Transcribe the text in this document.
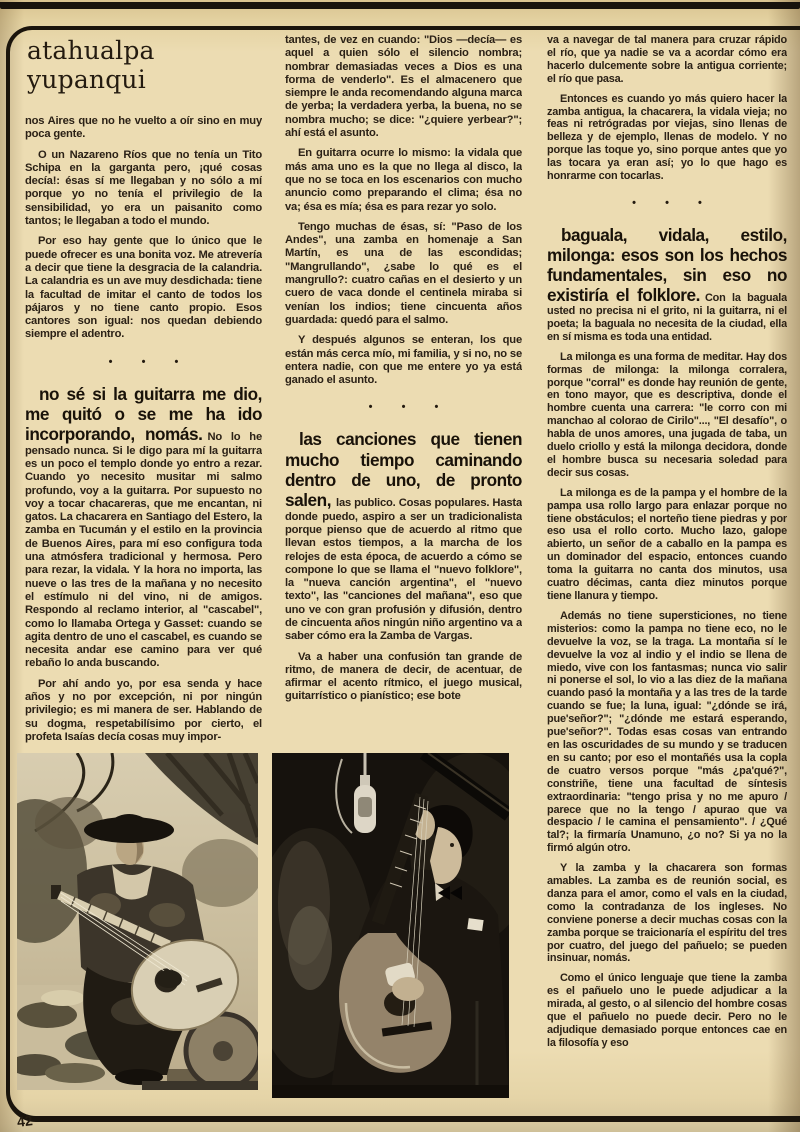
atahualpa yupanqui

nos Aires que no he vuelto a oír sino en muy poca gente.

O un Nazareno Ríos que no tenía un Tito Schipa en la garganta pero, ¡qué cosas decía!: ésas sí me llegaban y no sólo a mí porque yo no tenía el privilegio de la sensibilidad, yo era un paisanito como tantos; le llegaban a todo el mundo.

Por eso hay gente que lo único que le puede ofrecer es una bonita voz. Me atrevería a decir que tiene la desgracia de la calandria. La calandria es un ave muy desdichada: tiene la facultad de imitar el canto de todos los pájaros y no tiene canto propio. Esos cantores son igual: nos quedan debiendo siempre el adentro.

• • •

no sé si la guitarra me dio, me quitó o se me ha ido incorporando, nomás. No lo he pensado nunca. Si le digo para mí la guitarra es un poco el templo donde yo entro a rezar. Cuando yo necesito musitar mi salmo profundo, voy a la guitarra. Por supuesto no voy a tocar chacareras, que me encantan, ni gatos. La chacarera en Santiago del Estero, la zamba en Tucumán y el estilo en la provincia de Buenos Aires, para mí eso configura toda una atmósfera tradicional y hermosa. Pero para rezar, la vidala. Y la hora no importa, las nueve o las tres de la mañana y no necesito el estímulo ni del vino, ni de amigos. Respondo al reclamo interior, al "cascabel", como lo llamaba Ortega y Gasset: cuando se agita dentro de uno el cascabel, es cuando se necesita andar ese camino para ver qué rebaño lo anda buscando.

Por ahí ando yo, por esa senda y hace años y no por excepción, ni por ningún privilegio; es mi manera de ser. Hablando de su dogma, respetabilísimo por cierto, el profeta Isaías decía cosas muy impor-

tantes, de vez en cuando: "Dios —decía— es aquel a quien sólo el silencio nombra; nombrar demasiadas veces a Dios es una forma de venderlo". Es el almacenero que siempre le anda recomendando alguna marca de yerba; la verdadera yerba, la buena, no se nombra mucho; se dice: "¿quiere yerbear?"; ahí está el asunto.

En guitarra ocurre lo mismo: la vidala que más ama uno es la que no llega al disco, la que no se toca en los escenarios con mucho anuncio como preparando el clima; ésa no va; ésa es mía; ésa es para rezar yo solo.

Tengo muchas de ésas, sí: "Paso de los Andes", una zamba en homenaje a San Martín, es una de las escondidas; "Mangrullando", ¿sabe lo qué es el mangrullo?: cuatro cañas en el desierto y un cuero de vaca donde el centinela miraba si venían los indios; tiene cincuenta años guardada: quedó para el salmo.

Y después algunos se enteran, los que están más cerca mío, mi familia, y si no, no se entera nadie, con que me entere yo ya está ganado el asunto.

• • •

las canciones que tienen mucho tiempo caminando dentro de uno, de pronto salen, las publico. Cosas populares. Hasta donde puedo, aspiro a ser un tradicionalista porque pienso que de acuerdo al ritmo que llevan estos tiempos, a la marcha de los relojes de esta época, de acuerdo a cómo se compone lo que se llama el "nuevo folklore", la "nueva canción argentina", el "nuevo texto", las "canciones del mañana", eso que uno ve con gran profusión y difusión, dentro de cincuenta años ningún niño argentino va a saber cómo era la Zamba de Vargas.

Va a haber una confusión tan grande de ritmo, de manera de decir, de acentuar, de afirmar el acento rítmico, el juego musical, guitarrístico o pianístico; ese bote

va a navegar de tal manera para cruzar rápido el río, que ya nadie se va a acordar cómo era hacerlo dulcemente sobre la antigua corriente; el río que pasa.

Entonces es cuando yo más quiero hacer la zamba antigua, la chacarera, la vidala vieja; no feas ni retrógradas por viejas, sino llenas de belleza y de ejemplo, llenas de modelo. Y no porque las toque yo, sino porque antes que yo las tocara ya eran así; yo lo que hago es honrarme con tocarlas.

• • •

baguala, vidala, estilo, milonga: esos son los hechos fundamentales, sin eso no existiría el folklore. Con la baguala usted no precisa ni el grito, ni la guitarra, ni el poeta; la baguala no necesita de la ciudad, ella en sí misma es toda una entidad.

La milonga es una forma de meditar. Hay dos formas de milonga: la milonga corralera, porque "corral" es donde hay reunión de gente, en tono mayor, que es descriptiva, donde el hombre cuenta una carrera: "le corro con mi manchao al colorao de Cirilo"..., "El desafío", o habla de unos amores, una jugada de taba, un duelo criollo y está la milonga decidora, donde el hombre busca su necesaria soledad para decir sus cosas.

La milonga es de la pampa y el hombre de la pampa usa rollo largo para enlazar porque no tiene obstáculos; el norteño tiene piedras y por eso usa el rollo corto. Mucho lazo, galope abierto, un señor de a caballo en la pampa es un dominador del espacio, entonces cuando toma la guitarra no canta dos minutos, usa cuatro décimas, canta diez minutos porque tiene llanura y tiempo.

Además no tiene supersticiones, no tiene misterios: como la pampa no tiene eco, no le devuelve la voz, se la traga. La montaña sí le devuelve la voz al indio y el indio se llena de miedo, vive con los fantasmas; nunca vio salir ni ponerse el sol, lo vio a las diez de la mañana cuando pasó la montaña y a las tres de la tarde cuando se fue; la luna, igual: "¿dónde se irá, pue'señor?"; "¿dónde me estará esperando, pue'señor?". Todas esas cosas van entrando en las oscuridades de su mundo y se traducen en su canto; por eso el montañés usa la copla de cuatro versos porque "más ¿pa'qué?", constriñe, tiene una facultad de síntesis extraordinaria: "tengo prisa y no me apuro / parece que no la tengo / apurao que va despacio / le camina el pensamiento". / ¿Qué tal?; la firmaría Unamuno, ¿o no? Si ya no la firmó algún otro.

Y la zamba y la chacarera son formas amables. La zamba es de reunión social, es danza para el amor, como el vals en la ciudad, como la contradanza de los ingleses. No conviene ponerse a decir muchas cosas con la zamba porque se traicionaría el espíritu del tres por cuatro, del juego del pañuelo; se pueden insinuar, nomás.

Como el único lenguaje que tiene la zamba es el pañuelo uno le puede adjudicar a la mirada, al gesto, o al silencio del hombre cosas que el pañuelo no puede decir. Pero no le adjudique demasiado porque entonces cae en la filosofía y eso

42
